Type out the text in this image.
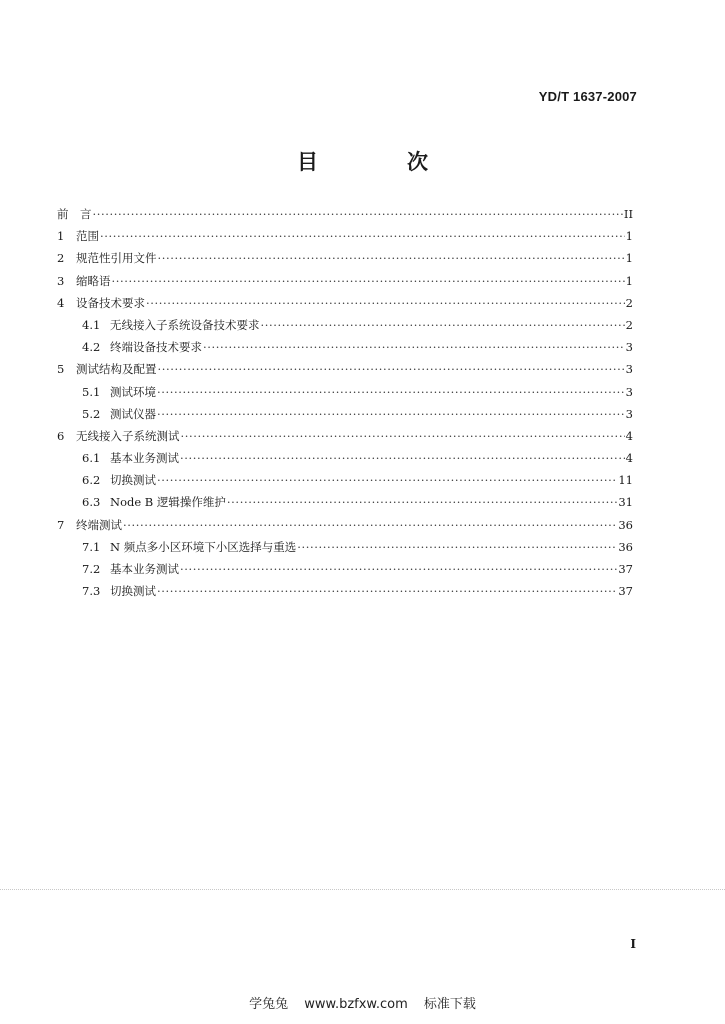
YD/T 1637-2007
目　次
前　言 ·····	II
1	范围 ·····	1
2	规范性引用文件 ·····	1
3	缩略语 ·····	1
4	设备技术要求 ·····	2
4.1 无线接入子系统设备技术要求 ·····	2
4.2 终端设备技术要求 ·····	3
5	测试结构及配置 ·····	3
5.1 测试环境 ·····	3
5.2 测试仪器 ·····	3
6	无线接入子系统测试 ·····	4
6.1 基本业务测试 ·····	4
6.2 切换测试 ·····	11
6.3 Node B 逻辑操作维护 ·····	31
7	终端测试 ·····	36
7.1 N 频点多小区环境下小区选择与重选 ·····	36
7.2 基本业务测试 ·····	37
7.3 切换测试 ·····	37
I
学兔兔 www.bzfxw.com 标准下载
